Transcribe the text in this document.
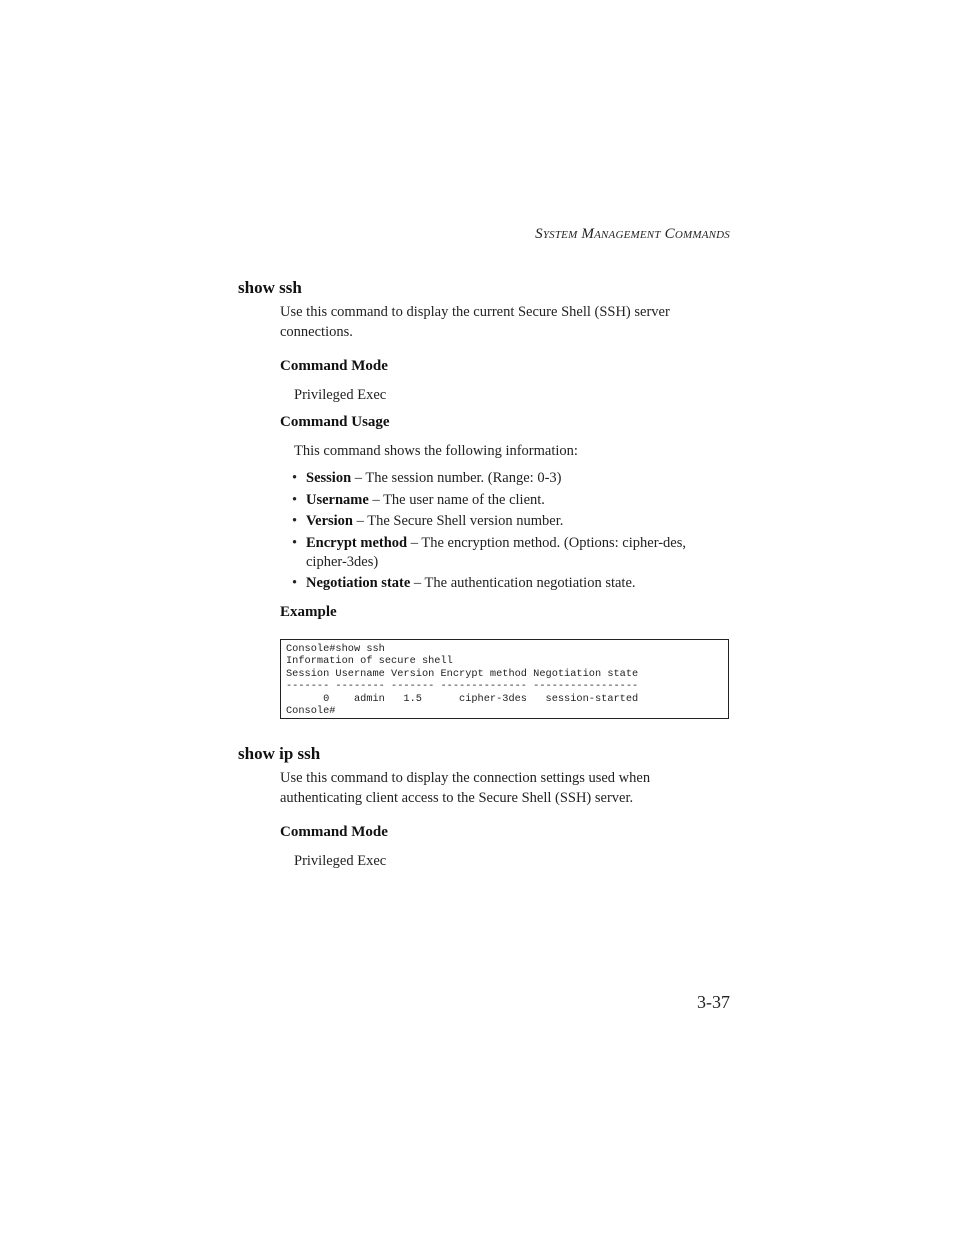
System Management Commands
show ssh
Use this command to display the current Secure Shell (SSH) server connections.
Command Mode
Privileged Exec
Command Usage
This command shows the following information:
• Session – The session number. (Range: 0-3)
• Username – The user name of the client.
• Version – The Secure Shell version number.
• Encrypt method – The encryption method. (Options: cipher-des, cipher-3des)
• Negotiation state – The authentication negotiation state.
Example
Console#show ssh
Information of secure shell
Session Username Version Encrypt method Negotiation state
------- -------- ------- -------------- -----------------
0    admin   1.5      cipher-3des   session-started
Console#
show ip ssh
Use this command to display the connection settings used when authenticating client access to the Secure Shell (SSH) server.
Command Mode
Privileged Exec
3-37
